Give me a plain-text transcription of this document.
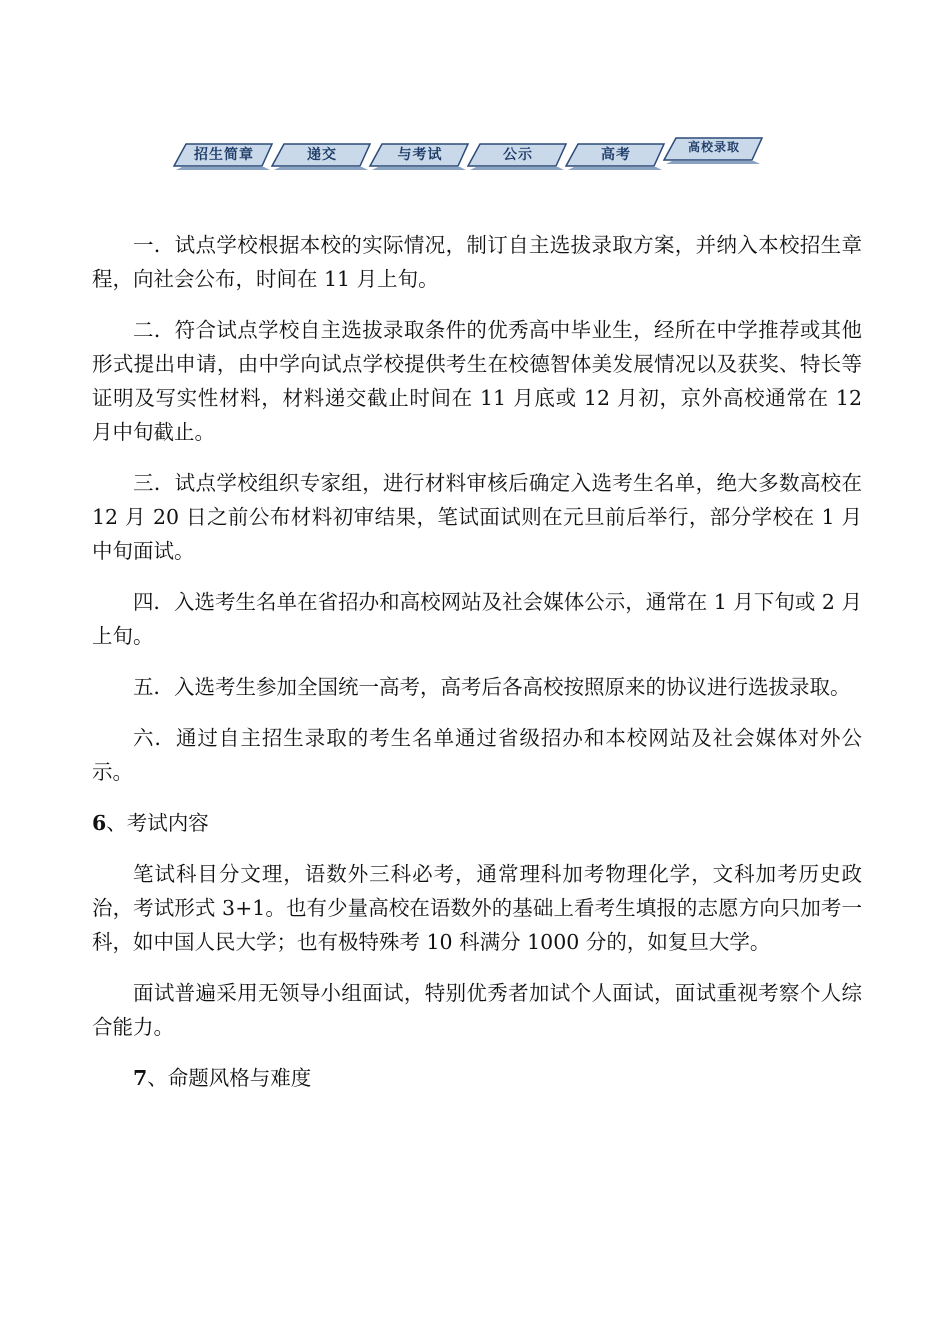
招生简章	递交	与考试	公示	高考	高校录取

一．试点学校根据本校的实际情况，制订自主选拔录取方案，并纳入本校招生章程，向社会公布，时间在 11 月上旬。

二．符合试点学校自主选拔录取条件的优秀高中毕业生，经所在中学推荐或其他形式提出申请，由中学向试点学校提供考生在校德智体美发展情况以及获奖、特长等证明及写实性材料，材料递交截止时间在 11 月底或 12 月初，京外高校通常在 12 月中旬截止。

三．试点学校组织专家组，进行材料审核后确定入选考生名单，绝大多数高校在 12 月 20 日之前公布材料初审结果，笔试面试则在元旦前后举行，部分学校在 1 月中旬面试。

四．入选考生名单在省招办和高校网站及社会媒体公示，通常在 1 月下旬或 2 月上旬。

五．入选考生参加全国统一高考，高考后各高校按照原来的协议进行选拔录取。

六．通过自主招生录取的考生名单通过省级招办和本校网站及社会媒体对外公示。

6、考试内容

笔试科目分文理，语数外三科必考，通常理科加考物理化学，文科加考历史政治，考试形式 3+1。也有少量高校在语数外的基础上看考生填报的志愿方向只加考一科，如中国人民大学；也有极特殊考 10 科满分 1000 分的，如复旦大学。

面试普遍采用无领导小组面试，特别优秀者加试个人面试，面试重视考察个人综合能力。

7、命题风格与难度
